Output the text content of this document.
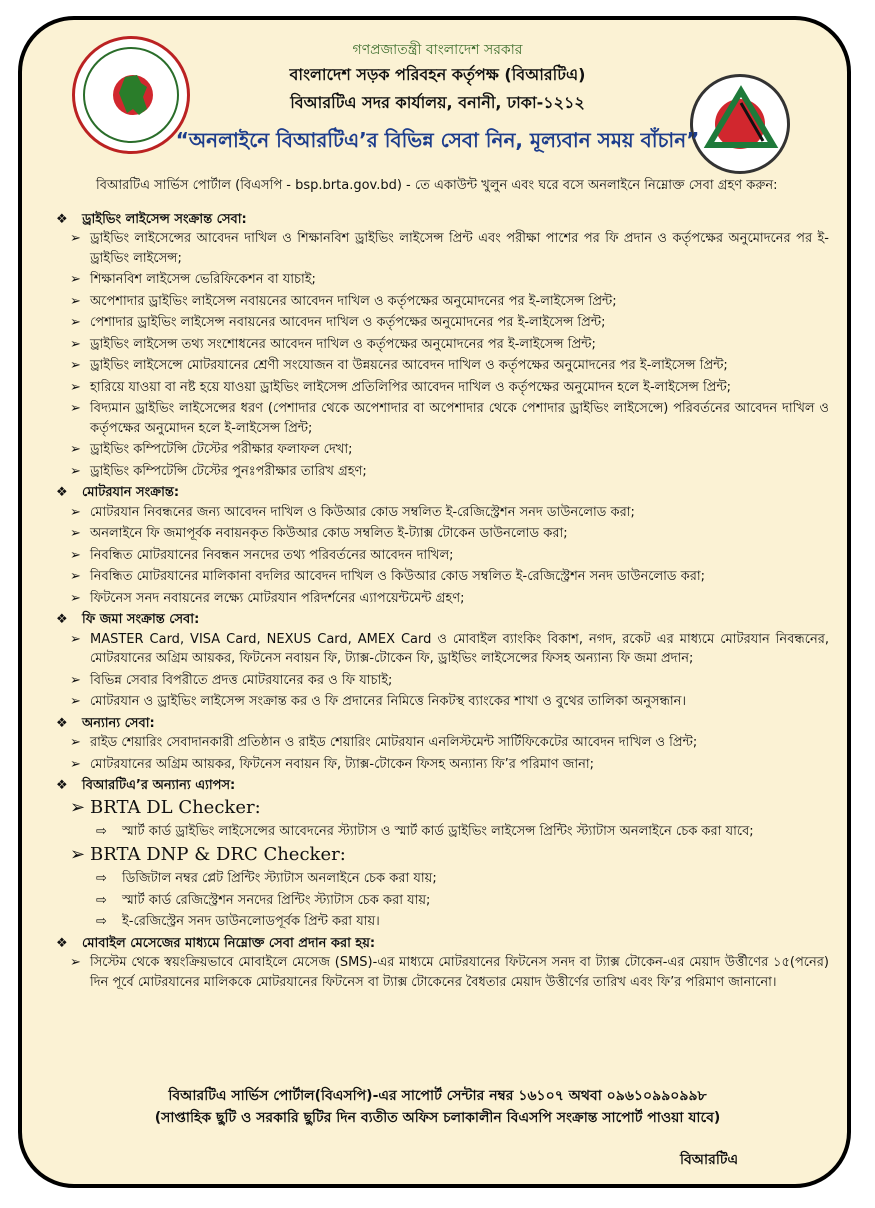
গণপ্রজাতন্ত্রী বাংলাদেশ সরকার
বাংলাদেশ সড়ক পরিবহন কর্তৃপক্ষ (বিআরটিএ)
বিআরটিএ সদর কার্যালয়, বনানী, ঢাকা-১২১২
“অনলাইনে বিআরটিএ’র বিভিন্ন সেবা নিন, মূল্যবান সময় বাঁচান”

বিআরটিএ সার্ভিস পোর্টাল (বিএসপি - bsp.brta.gov.bd) - তে একাউন্ট খুলুন এবং ঘরে বসে অনলাইনে নিম্নোক্ত সেবা গ্রহণ করুন:

❖	ড্রাইভিং লাইসেন্স সংক্রান্ত সেবা:
➢ ড্রাইভিং লাইসেন্সের আবেদন দাখিল ও শিক্ষানবিশ ড্রাইভিং লাইসেন্স প্রিন্ট এবং পরীক্ষা পাশের পর ফি প্রদান ও কর্তৃপক্ষের অনুমোদনের পর ই-ড্রাইভিং লাইসেন্স;
➢ শিক্ষানবিশ লাইসেন্স ভেরিফিকেশন বা যাচাই;
➢ অপেশাদার ড্রাইভিং লাইসেন্স নবায়নের আবেদন দাখিল ও কর্তৃপক্ষের অনুমোদনের পর ই-লাইসেন্স প্রিন্ট;
➢ পেশাদার ড্রাইভিং লাইসেন্স নবায়নের আবেদন দাখিল ও কর্তৃপক্ষের অনুমোদনের পর ই-লাইসেন্স প্রিন্ট;
➢ ড্রাইভিং লাইসেন্স তথ্য সংশোধনের আবেদন দাখিল ও কর্তৃপক্ষের অনুমোদনের পর ই-লাইসেন্স প্রিন্ট;
➢ ড্রাইভিং লাইসেন্সে মোটরযানের শ্রেণী সংযোজন বা উন্নয়নের আবেদন দাখিল ও কর্তৃপক্ষের অনুমোদনের পর ই-লাইসেন্স প্রিন্ট;
➢ হারিয়ে যাওয়া বা নষ্ট হয়ে যাওয়া ড্রাইভিং লাইসেন্স প্রতিলিপির আবেদন দাখিল ও কর্তৃপক্ষের অনুমোদন হলে ই-লাইসেন্স প্রিন্ট;
➢ বিদ্যমান ড্রাইভিং লাইসেন্সের ধরণ (পেশাদার থেকে অপেশাদার বা অপেশাদার থেকে পেশাদার ড্রাইভিং লাইসেন্সে) পরিবর্তনের আবেদন দাখিল ও কর্তৃপক্ষের অনুমোদন হলে ই-লাইসেন্স প্রিন্ট;
➢ ড্রাইভিং কম্পিটেন্সি টেস্টের পরীক্ষার ফলাফল দেখা;
➢ ড্রাইভিং কম্পিটেন্সি টেস্টের পুনঃপরীক্ষার তারিখ গ্রহণ;
❖	মোটরযান সংক্রান্ত:
➢ মোটরযান নিবন্ধনের জন্য আবেদন দাখিল ও কিউআর কোড সম্বলিত ই-রেজিস্ট্রেশন সনদ ডাউনলোড করা;
➢ অনলাইনে ফি জমাপূর্বক নবায়নকৃত কিউআর কোড সম্বলিত ই-ট্যাক্স টোকেন ডাউনলোড করা;
➢ নিবন্ধিত মোটরযানের নিবন্ধন সনদের তথ্য পরিবর্তনের আবেদন দাখিল;
➢ নিবন্ধিত মোটরযানের মালিকানা বদলির আবেদন দাখিল ও কিউআর কোড সম্বলিত ই-রেজিস্ট্রেশন সনদ ডাউনলোড করা;
➢ ফিটনেস সনদ নবায়নের লক্ষ্যে মোটরযান পরিদর্শনের এ্যাপয়েন্টমেন্ট গ্রহণ;
❖	ফি জমা সংক্রান্ত সেবা:
➢ MASTER Card, VISA Card, NEXUS Card, AMEX Card ও মোবাইল ব্যাংকিং বিকাশ, নগদ, রকেট এর মাধ্যমে মোটরযান নিবন্ধনের, মোটরযানের অগ্রিম আয়কর, ফিটনেস নবায়ন ফি, ট্যাক্স-টোকেন ফি, ড্রাইভিং লাইসেন্সের ফিসহ অন্যান্য ফি জমা প্রদান;
➢ বিভিন্ন সেবার বিপরীতে প্রদত্ত মোটরযানের কর ও ফি যাচাই;
➢ মোটরযান ও ড্রাইভিং লাইসেন্স সংক্রান্ত কর ও ফি প্রদানের নিমিত্তে নিকটস্থ ব্যাংকের শাখা ও বুথের তালিকা অনুসন্ধান।
❖	অন্যান্য সেবা:
➢ রাইড শেয়ারিং সেবাদানকারী প্রতিষ্ঠান ও রাইড শেয়ারিং মোটরযান এনলিস্টমেন্ট সার্টিফিকেটের আবেদন দাখিল ও প্রিন্ট;
➢ মোটরযানের অগ্রিম আয়কর, ফিটনেস নবায়ন ফি, ট্যাক্স-টোকেন ফিসহ অন্যান্য ফি’র পরিমাণ জানা;
❖	বিআরটিএ’র অন্যান্য এ্যাপস:
➢ BRTA DL Checker:
⇨	স্মার্ট কার্ড ড্রাইভিং লাইসেন্সের আবেদনের স্ট্যাটাস ও স্মার্ট কার্ড ড্রাইভিং লাইসেন্স প্রিন্টিং স্ট্যাটাস অনলাইনে চেক করা যাবে;
➢ BRTA DNP & DRC Checker:
⇨	ডিজিটাল নম্বর প্লেট প্রিন্টিং স্ট্যাটাস অনলাইনে চেক করা যায়;
⇨	স্মার্ট কার্ড রেজিস্ট্রেশন সনদের প্রিন্টিং স্ট্যাটাস চেক করা যায়;
⇨	ই-রেজিস্ট্রেন সনদ ডাউনলোডপূর্বক প্রিন্ট করা যায়।
❖	মোবাইল মেসেজের মাধ্যমে নিম্নোক্ত সেবা প্রদান করা হয়:
➢ সিস্টেম থেকে স্বয়ংক্রিয়ভাবে মোবাইলে মেসেজ (SMS)-এর মাধ্যমে মোটরযানের ফিটনেস সনদ বা ট্যাক্স টোকেন-এর মেয়াদ উর্ত্তীণের ১৫(পনের) দিন পূর্বে মোটরযানের মালিককে মোটরযানের ফিটনেস বা ট্যাক্স টোকেনের বৈধতার মেয়াদ উত্তীর্ণের তারিখ এবং ফি’র পরিমাণ জানানো।
বিআরটিএ সার্ভিস পোর্টাল(বিএসপি)-এর সাপোর্ট সেন্টার নম্বর ১৬১০৭ অথবা ০৯৬১০৯৯০৯৯৮
(সাপ্তাহিক ছুটি ও সরকারি ছুটির দিন ব্যতীত অফিস চলাকালীন বিএসপি সংক্রান্ত সাপোর্ট পাওয়া যাবে)
বিআরটিএ
